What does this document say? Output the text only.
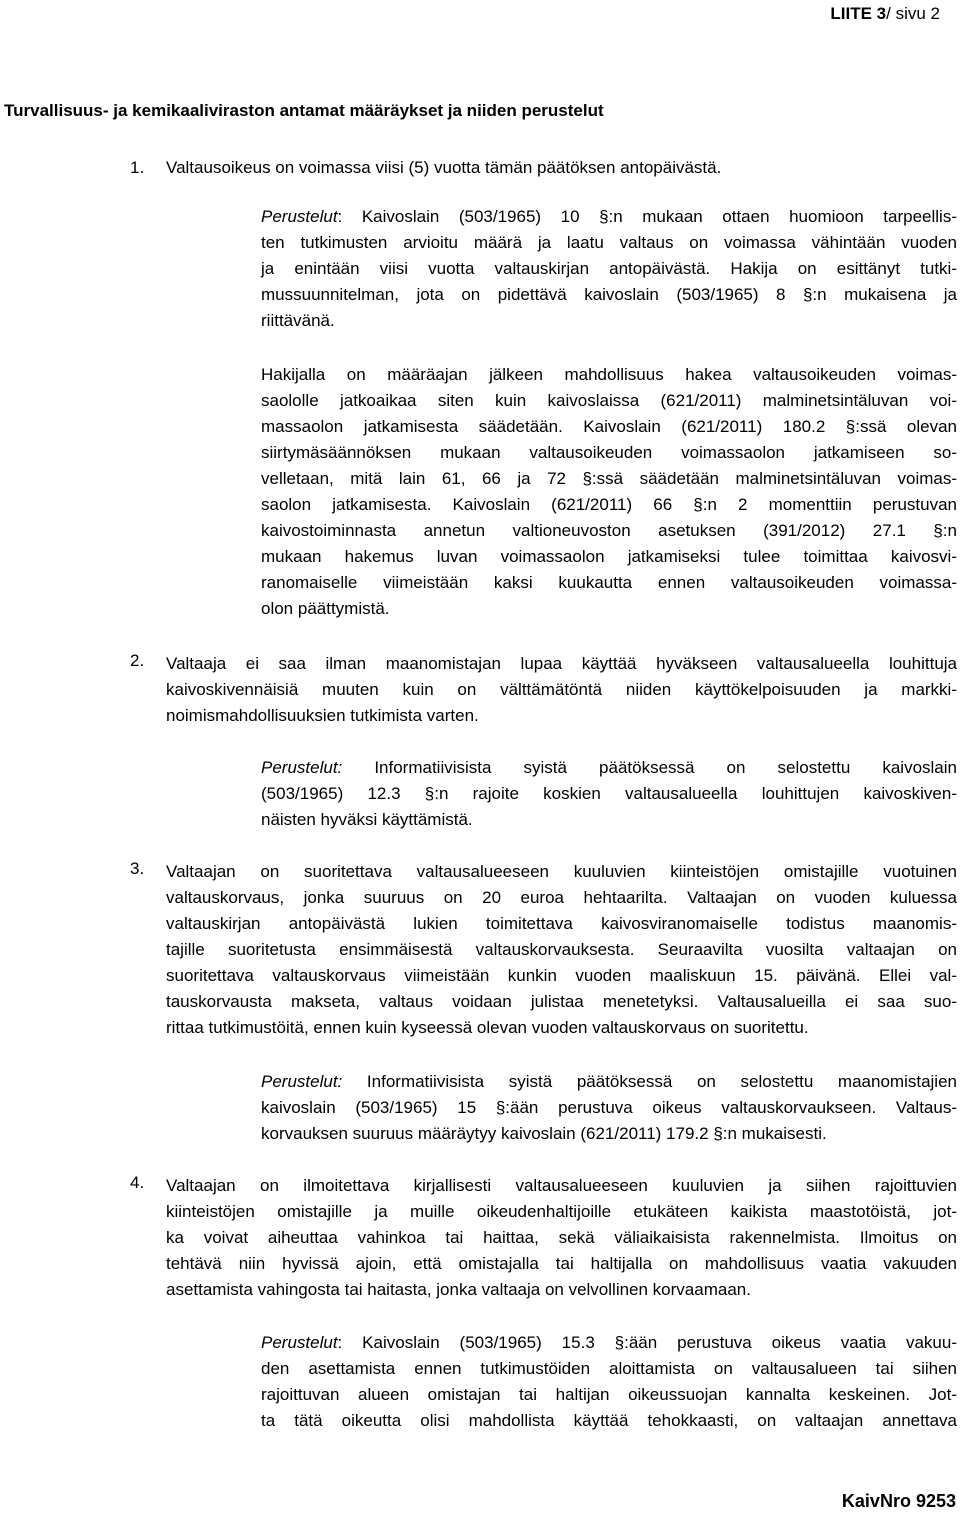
LIITE 3/ sivu 2
Turvallisuus- ja kemikaaliviraston antamat määräykset ja niiden perustelut
1. Valtausoikeus on voimassa viisi (5) vuotta tämän päätöksen antopäivästä.
Perustelut: Kaivoslain (503/1965) 10 §:n mukaan ottaen huomioon tarpeellis-
ten tutkimusten arvioitu määrä ja laatu valtaus on voimassa vähintään vuoden
ja enintään viisi vuotta valtauskirjan antopäivästä. Hakija on esittänyt tutki-
mussuunnitelman, jota on pidettävä kaivoslain (503/1965) 8 §:n mukaisena ja
riittävänä.
Hakijalla on määräajan jälkeen mahdollisuus hakea valtausoikeuden voimas-
saololle jatkoaikaa siten kuin kaivoslaissa (621/2011) malminetsintäluvan voi-
massaolon jatkamisesta säädetään. Kaivoslain (621/2011) 180.2 §:ssä olevan
siirtymäsäännöksen mukaan valtausoikeuden voimassaolon jatkamiseen so-
velletaan, mitä lain 61, 66 ja 72 §:ssä säädetään malminetsintäluvan voimas-
saolon jatkamisesta. Kaivoslain (621/2011) 66 §:n 2 momenttiin perustuvan
kaivostoiminnasta annetun valtioneuvoston asetuksen (391/2012) 27.1 §:n
mukaan hakemus luvan voimassaolon jatkamiseksi tulee toimittaa kaivosvi-
ranomaiselle viimeistään kaksi kuukautta ennen valtausoikeuden voimassa-
olon päättymistä.
2. Valtaaja ei saa ilman maanomistajan lupaa käyttää hyväkseen valtausalueella louhittuja
kaivoskivennäisiä muuten kuin on välttämätöntä niiden käyttökelpoisuuden ja markki-
noimismahdollisuuksien tutkimista varten.
Perustelut: Informatiivisista syistä päätöksessä on selostettu kaivoslain
(503/1965) 12.3 §:n rajoite koskien valtausalueella louhittujen kaivoskiven-
näisten hyväksi käyttämistä.
3. Valtaajan on suoritettava valtausalueeseen kuuluvien kiinteistöjen omistajille vuotuinen
valtauskorvaus, jonka suuruus on 20 euroa hehtaarilta. Valtaajan on vuoden kuluessa
valtauskirjan antopäivästä lukien toimitettava kaivosviranomaiselle todistus maanomis-
tajille suoritetusta ensimmäisestä valtauskorvauksesta. Seuraavilta vuosilta valtaajan on
suoritettava valtauskorvaus viimeistään kunkin vuoden maaliskuun 15. päivänä. Ellei val-
tauskorvausta makseta, valtaus voidaan julistaa menetetyksi. Valtausalueilla ei saa suo-
rittaa tutkimustöitä, ennen kuin kyseessä olevan vuoden valtauskorvaus on suoritettu.
Perustelut: Informatiivisista syistä päätöksessä on selostettu maanomistajien
kaivoslain (503/1965) 15 §:ään perustuva oikeus valtauskorvaukseen. Valtaus-
korvauksen suuruus määräytyy kaivoslain (621/2011) 179.2 §:n mukaisesti.
4. Valtaajan on ilmoitettava kirjallisesti valtausalueeseen kuuluvien ja siihen rajoittuvien
kiinteistöjen omistajille ja muille oikeudenhaltijoille etukäteen kaikista maastotöistä, jot-
ka voivat aiheuttaa vahinkoa tai haittaa, sekä väliaikaisista rakennelmista. Ilmoitus on
tehtävä niin hyvissä ajoin, että omistajalla tai haltijalla on mahdollisuus vaatia vakuuden
asettamista vahingosta tai haitasta, jonka valtaaja on velvollinen korvaamaan.
Perustelut: Kaivoslain (503/1965) 15.3 §:ään perustuva oikeus vaatia vakuu-
den asettamista ennen tutkimustöiden aloittamista on valtausalueen tai siihen
rajoittuvan alueen omistajan tai haltijan oikeussuojan kannalta keskeinen. Jot-
ta tätä oikeutta olisi mahdollista käyttää tehokkaasti, on valtaajan annettava
KaivNro 9253
